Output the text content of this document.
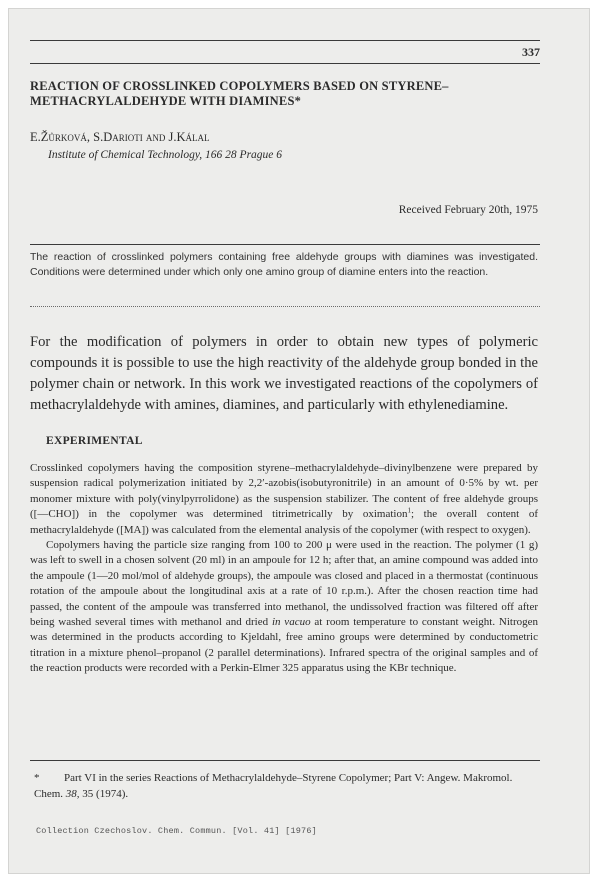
337
REACTION OF CROSSLINKED COPOLYMERS BASED ON STYRENE–
METHACRYLALDEHYDE WITH DIAMINES*
E.Žůrková, S.Darioti and J.Kálal
Institute of Chemical Technology, 166 28 Prague 6
Received February 20th, 1975
The reaction of crosslinked polymers containing free aldehyde groups with diamines was investigated. Conditions were determined under which only one amino group of diamine enters into the reaction.
For the modification of polymers in order to obtain new types of polymeric compounds it is possible to use the high reactivity of the aldehyde group bonded in the polymer chain or network. In this work we investigated reactions of the copolymers of methacrylaldehyde with amines, diamines, and particularly with ethylenediamine.
EXPERIMENTAL

Crosslinked copolymers having the composition styrene–methacrylaldehyde–divinylbenzene were prepared by suspension radical polymerization initiated by 2,2′-azobis(isobutyronitrile) in an amount of 0·5% by wt. per monomer mixture with poly(vinylpyrrolidone) as the suspension stabilizer. The content of free aldehyde groups ([—CHO]) in the copolymer was determined titrimetrically by oximation$^1$; the overall content of methacrylaldehyde ([MA]) was calculated from the elemental analysis of the copolymer (with respect to oxygen).

Copolymers having the particle size ranging from 100 to 200 μ were used in the reaction. The polymer (1 g) was left to swell in a chosen solvent (20 ml) in an ampoule for 12 h; after that, an amine compound was added into the ampoule (1—20 mol/mol of aldehyde groups), the ampoule was closed and placed in a thermostat (continuous rotation of the ampoule about the longitudinal axis at a rate of 10 r.p.m.). After the chosen reaction time had passed, the content of the ampoule was transferred into methanol, the undissolved fraction was filtered off after being washed several times with methanol and dried in vacuo at room temperature to constant weight. Nitrogen was determined in the products according to Kjeldahl, free amino groups were determined by conductometric titration in a mixture phenol–propanol (2 parallel determinations). Infrared spectra of the original samples and of the reaction products were recorded with a Perkin-Elmer 325 apparatus using the KBr technique.

* Part VI in the series Reactions of Methacrylaldehyde–Styrene Copolymer; Part V: Angew. Makromol. Chem. 38, 35 (1974).

Collection Czechoslov. Chem. Commun. [Vol. 41] [1976]
